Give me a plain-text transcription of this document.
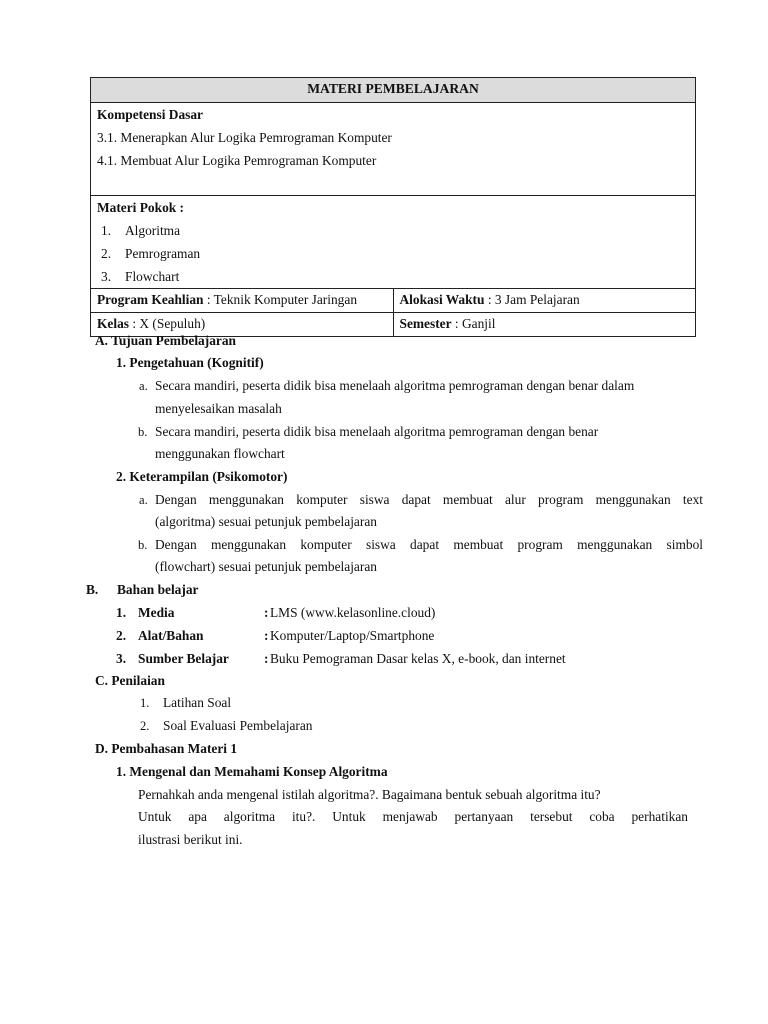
MATERI PEMBELAJARAN	

Kompetensi Dasar
3.1. Menerapkan Alur Logika Pemrograman Komputer
4.1. Membuat Alur Logika Pemrograman Komputer	

Materi Pokok :
1. Algoritma
2. Pemrograman
3. Flowchart	

Program Keahlian : Teknik Komputer Jaringan	Alokasi Waktu : 3 Jam Pelajaran
Kelas : X (Sepuluh)	Semester : Ganjil
A. Tujuan Pembelajaran
1. Pengetahuan (Kognitif)
a. Secara mandiri, peserta didik bisa menelaah algoritma pemrograman dengan benar dalam
menyelesaikan masalah
b. Secara mandiri, peserta didik bisa menelaah algoritma pemrograman dengan benar
menggunakan flowchart
2. Keterampilan (Psikomotor)
a. Dengan menggunakan komputer siswa dapat membuat alur program menggunakan text
(algoritma) sesuai petunjuk pembelajaran
b. Dengan menggunakan komputer siswa dapat membuat program menggunakan simbol
(flowchart) sesuai petunjuk pembelajaran
B. Bahan belajar
1. Media	: LMS (www.kelasonline.cloud)
2. Alat/Bahan	: Komputer/Laptop/Smartphone
3. Sumber Belajar	: Buku Pemograman Dasar kelas X, e-book, dan internet
C. Penilaian
1. Latihan Soal
2. Soal Evaluasi Pembelajaran
D. Pembahasan Materi 1
1. Mengenal dan Memahami Konsep Algoritma
Pernahkah anda mengenal istilah algoritma?. Bagaimana bentuk sebuah algoritma itu?
Untuk apa algoritma itu?. Untuk menjawab pertanyaan tersebut coba perhatikan
ilustrasi berikut ini.
